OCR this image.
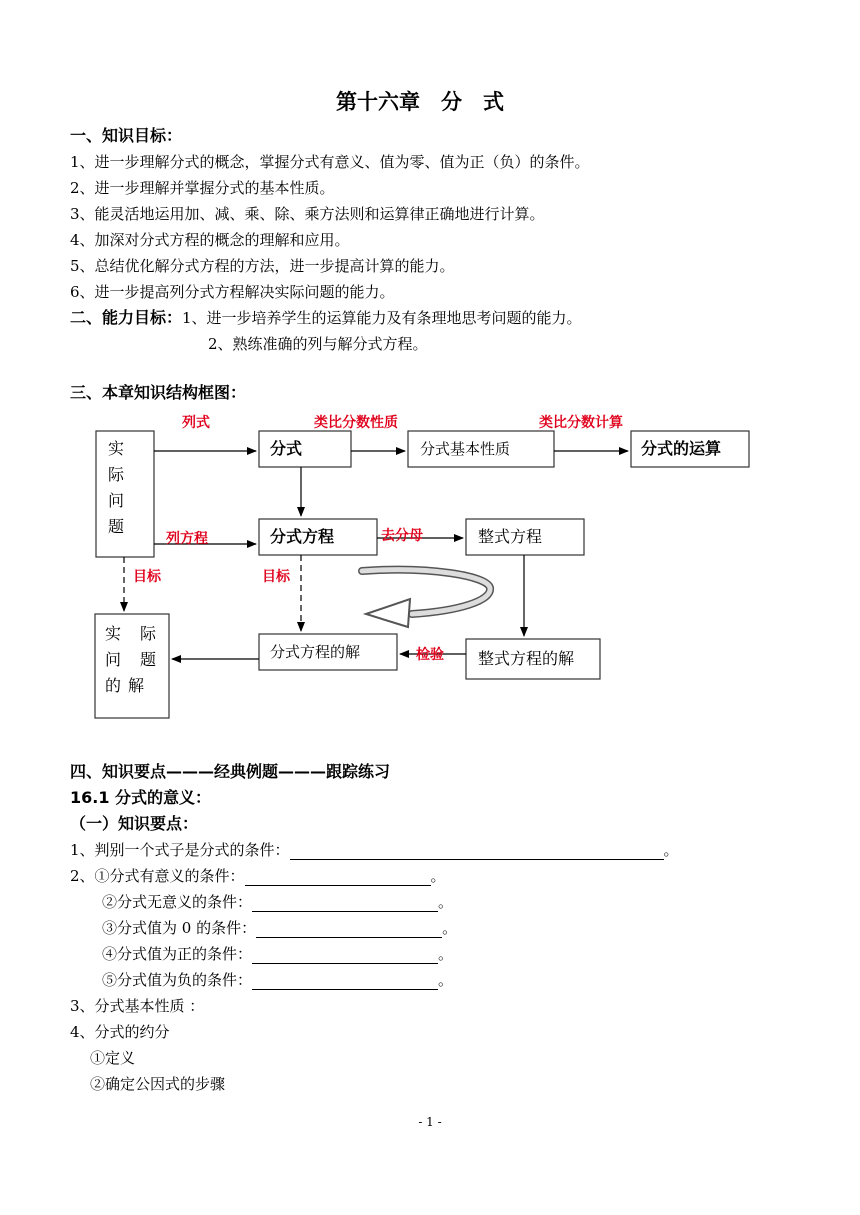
第十六章　分　式
一、知识目标：
1、进一步理解分式的概念，掌握分式有意义、值为零、值为正（负）的条件。
2、进一步理解并掌握分式的基本性质。
3、能灵活地运用加、减、乘、除、乘方法则和运算律正确地进行计算。
4、加深对分式方程的概念的理解和应用。
5、总结优化解分式方程的方法，进一步提高计算的能力。
6、进一步提高列分式方程解决实际问题的能力。
二、能力目标：1、进一步培养学生的运算能力及有条理地思考问题的能力。
2、熟练准确的列与解分式方程。
三、本章知识结构框图：
实
际
问
题
分式	分式基本性质	分式的运算
分式方程	整式方程
实 际
问 题
的 解
分式方程的解	整式方程的解
列式	类比分数性质	类比分数计算
列方程	去分母
目标	目标
检验
四、知识要点———经典例题———跟踪练习
16.1 分式的意义：
（一）知识要点：
1、判别一个式子是分式的条件：	。
2、①分式有意义的条件：	。
②分式无意义的条件：	。
③分式值为 0 的条件：	。
④分式值为正的条件：	。
⑤分式值为负的条件：	。
3、分式基本性质 ：
4、分式的约分
①定义
②确定公因式的步骤
- 1 -
